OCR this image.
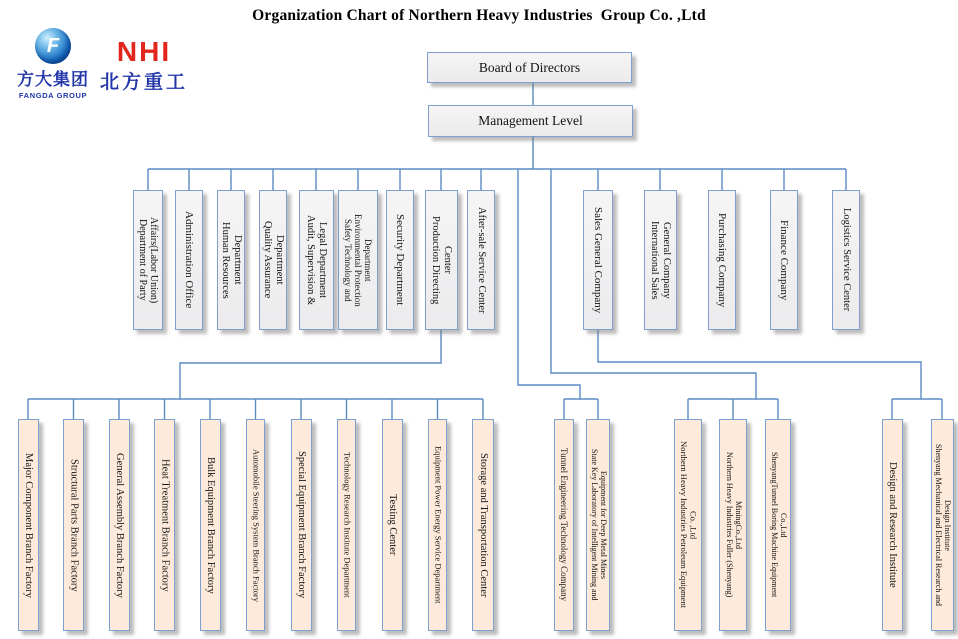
Organization Chart of Northern Heavy Industries  Group Co. ,Ltd
F
方大集团
FANGDA GROUP
NHI
北方重工
Board of Directors
Management Level
Department of Party Affairs(Labor Union) Administration Office Human Resources Department Quality Assurance Department Audit, Supervision & Legal Department Safety Technology and Environmental Protection Department Security Department Production Directing Center After-sale Service Center	Sales General Company	International Sales General Company	Purchasing Company	Finance Company	Logistics Service Center
Major Component Branch Factory	Structural Parts Branch Factory	General Assembly Branch Factory	Heat Treatment Branch Factory	Bulk Equipment Branch Factory	Automobile Steering System Branch Factory	Special Equipment Branch Factory	Technology Research Institute Department	Testing Center	Equipment Power Energy Service Department	Storage and Transportation Center	Tunnel Engineering Technology Company	State Key Laboratory of Intelligent Mining and Equipment for Deep Metal Mines	Northern Heavy Industries Petroleum Equipment Co. ,Ltd	Northern Heavy Industries Fuller (Shenyang) MiningCo.,Ltd	ShenyangTunnel Boring Machine Equipment Co.,Ltd	Design and Research Institute	Shenyang Mechanical and Electrical Research and Design Institute
